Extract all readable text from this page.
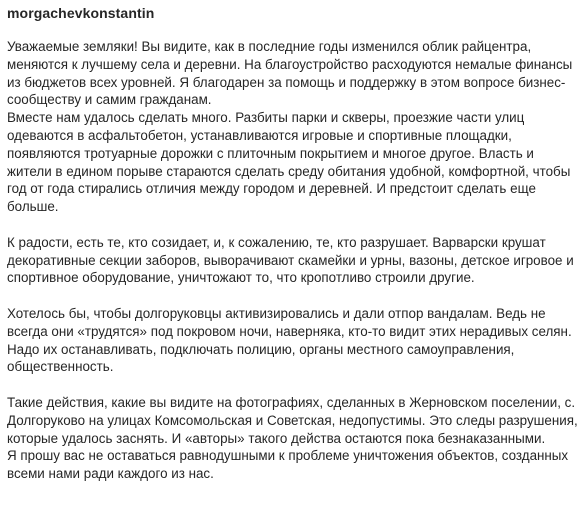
morgachevkonstantin

Уважаемые земляки! Вы видите, как в последние годы изменился облик райцентра, меняются к лучшему села и деревни. На благоустройство расходуются немалые финансы из бюджетов всех уровней. Я благодарен за помощь и поддержку в этом вопросе бизнес-сообществу и самим гражданам.

Вместе нам удалось сделать много. Разбиты парки и скверы, проезжие части улиц одеваются в асфальтобетон, устанавливаются игровые и спортивные площадки, появляются тротуарные дорожки с плиточным покрытием и многое другое. Власть и жители в едином порыве стараются сделать среду обитания удобной, комфортной, чтобы год от года стирались отличия между городом и деревней. И предстоит сделать еще больше.

К радости, есть те, кто созидает, и, к сожалению, те, кто разрушает. Варварски крушат декоративные секции заборов, выворачивают скамейки и урны, вазоны, детское игровое и спортивное оборудование, уничтожают то, что кропотливо строили другие.

Хотелось бы, чтобы долгоруковцы активизировались и дали отпор вандалам. Ведь не всегда они «трудятся» под покровом ночи, наверняка, кто-то видит этих нерадивых селян. Надо их останавливать, подключать полицию, органы местного самоуправления, общественность.

Такие действия, какие вы видите на фотографиях, сделанных в Жерновском поселении, с. Долгоруково на улицах Комсомольская и Советская, недопустимы. Это следы разрушения, которые удалось заснять. И «авторы» такого действа остаются пока безнаказанными.

Я прошу вас не оставаться равнодушными к проблеме уничтожения объектов, созданных всеми нами ради каждого из нас.
